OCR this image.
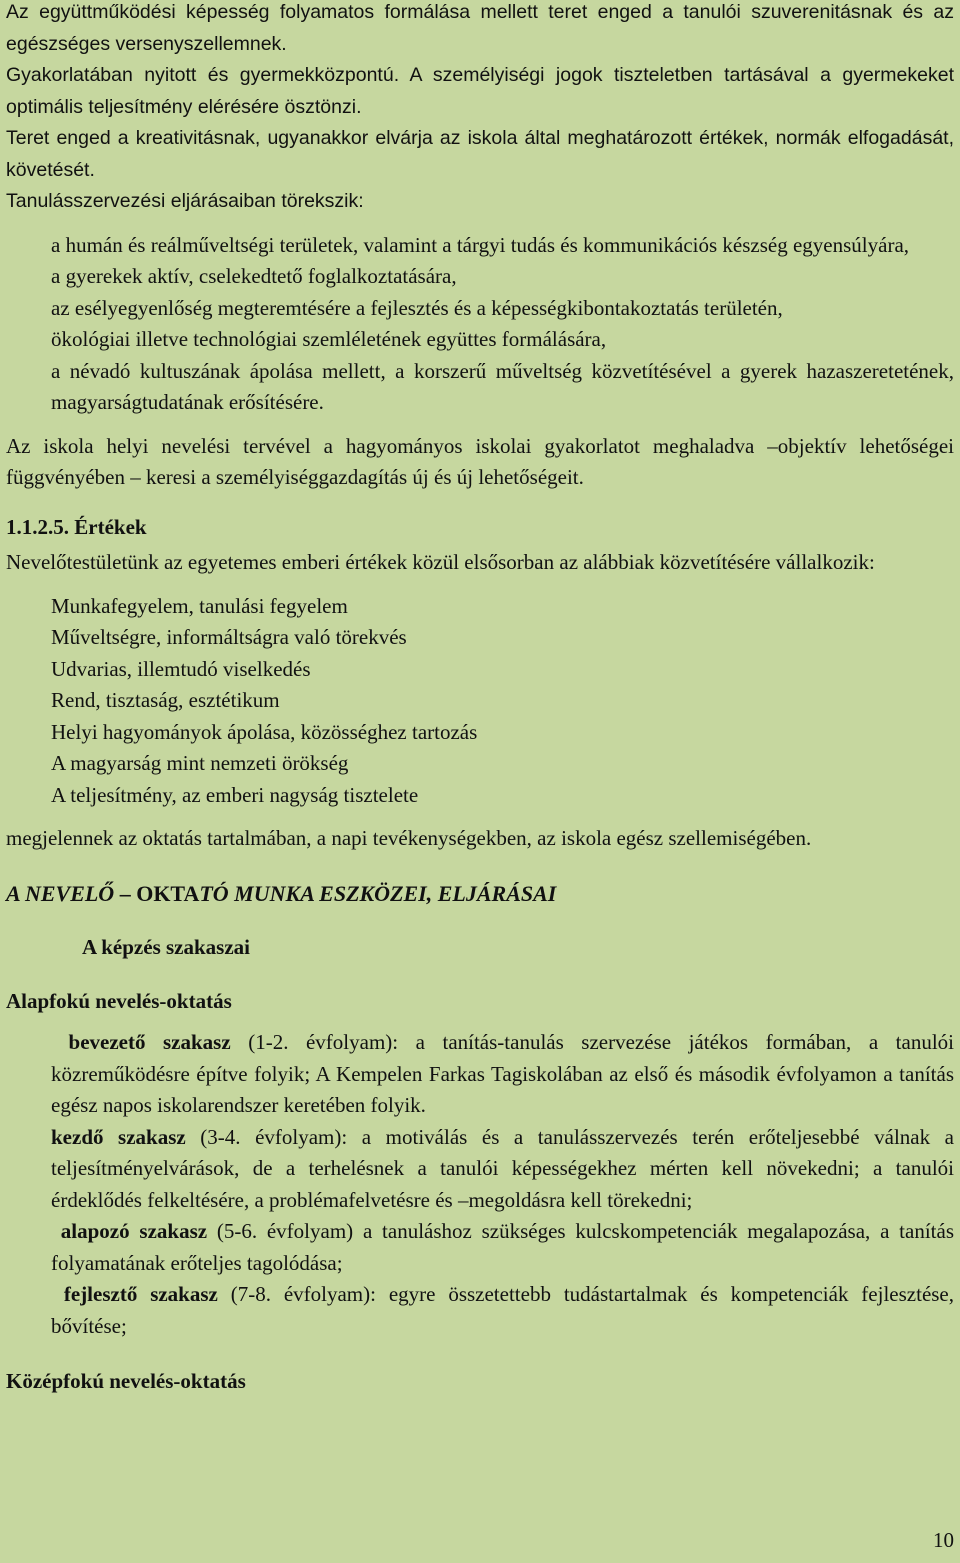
Az együttműködési képesség folyamatos formálása mellett teret enged a tanulói szuverenitásnak és az egészséges versenyszellemnek.

Gyakorlatában nyitott és gyermekközpontú. A személyiségi jogok tiszteletben tartásával a gyermekeket optimális teljesítmény elérésére ösztönzi.

Teret enged a kreativitásnak, ugyanakkor elvárja az iskola által meghatározott értékek, normák elfogadását, követését.

Tanulásszervezési eljárásaiban törekszik:

a humán és reálműveltségi területek, valamint a tárgyi tudás és kommunikációs készség egyensúlyára,

a gyerekek aktív, cselekedtető foglalkoztatására,

az esélyegyenlőség megteremtésére a fejlesztés és a képességkibontakoztatás területén,

ökológiai illetve technológiai szemléletének együttes formálására,

a névadó kultuszának ápolása mellett, a korszerű műveltség közvetítésével a gyerek hazaszeretetének, magyarságtudatának erősítésére.

Az iskola helyi nevelési tervével a hagyományos iskolai gyakorlatot meghaladva –objektív lehetőségei függvényében – keresi a személyiséggazdagítás új és új lehetőségeit.

1.1.2.5. Értékek

Nevelőtestületünk az egyetemes emberi értékek közül elsősorban az alábbiak közvetítésére vállalkozik:

Munkafegyelem, tanulási fegyelem

Műveltségre, informáltságra való törekvés

Udvarias, illemtudó viselkedés

Rend, tisztaság, esztétikum

Helyi hagyományok ápolása, közösséghez tartozás

A magyarság mint nemzeti örökség

A teljesítmény, az emberi nagyság tisztelete

megjelennek az oktatás tartalmában, a napi tevékenységekben, az iskola egész szellemiségében.

A NEVELŐ – OKTATÓ MUNKA ESZKÖZEI, ELJÁRÁSAI
A képzés szakaszai
Alapfokú nevelés-oktatás

bevezető szakasz (1-2. évfolyam): a tanítás-tanulás szervezése játékos formában, a tanulói közreműködésre építve folyik; A Kempelen Farkas Tagiskolában az első és második évfolyamon a tanítás egész napos iskolarendszer keretében folyik.

kezdő szakasz (3-4. évfolyam): a motiválás és a tanulásszervezés terén erőteljesebbé válnak a teljesítményelvárások, de a terhelésnek a tanulói képességekhez mérten kell növekedni; a tanulói érdeklődés felkeltésére, a problémafelvetésre és –megoldásra kell törekedni;

alapozó szakasz (5-6. évfolyam) a tanuláshoz szükséges kulcskompetenciák megalapozása, a tanítás folyamatának erőteljes tagolódása;

fejlesztő szakasz (7-8. évfolyam): egyre összetettebb tudástartalmak és kompetenciák fejlesztése, bővítése;

Középfokú nevelés-oktatás
10
